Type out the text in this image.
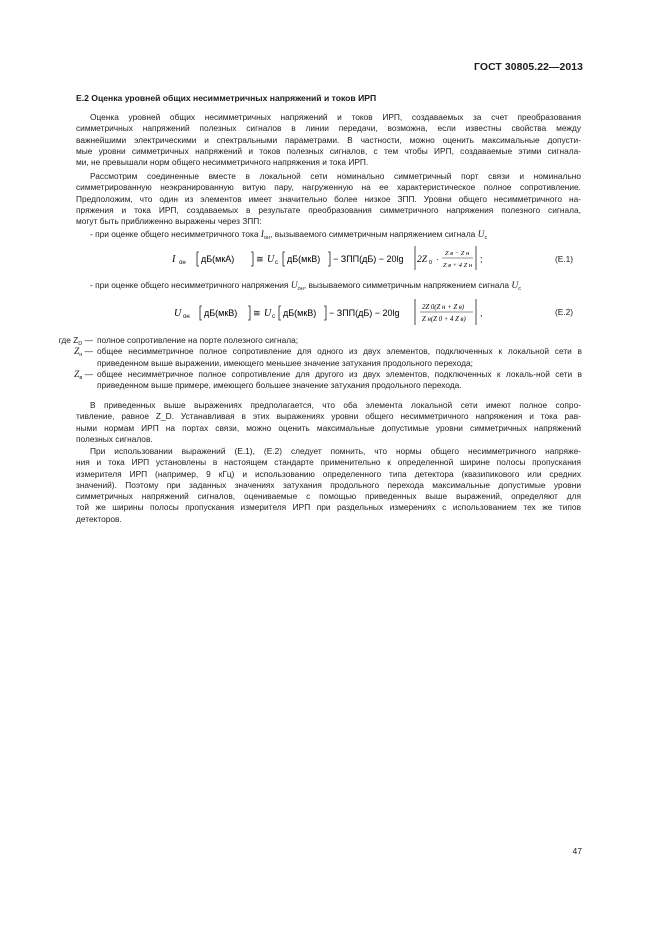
ГОСТ 30805.22—2013
Е.2 Оценка уровней общих несимметричных напряжений и токов ИРП
Оценка уровней общих несимметричных напряжений и токов ИРП, создаваемых за счет преобразования
симметричных напряжений полезных сигналов в линии передачи, возможна, если известны свойства между
важнейшими электрическими и спектральными параметрами. В частности, можно оценить максимальные допусти-
мые уровни симметричных напряжений и токов полезных сигналов, с тем чтобы ИРП, создаваемые этими сигнала-
ми, не превышали норм общего несимметричного напряжения и тока ИРП.
Рассмотрим соединенные вместе в локальной сети номинально симметричный порт связи и номинально
симметрированную неэкранированную витую пару, нагруженную на ее характеристическое полное сопротивление.
Предположим, что один из элементов имеет значительно более низкое ЗПП. Уровни общего несимметричного на-
пряжения и тока ИРП, создаваемых в результате преобразования симметричного напряжения полезного сигнала,
могут быть приближенно выражены через ЗПП:
- при оценке общего несимметричного тока $I_{он}$, вызываемого симметричным напряжением сигнала $U_c$
I он дБ(мкА) ≅ U c дБ(мкВ) − ЗПП(дБ) − 20lg 2Z 0 ·
Z в − Z н
Z в + 4 Z н
;	(Е.1)
- при оценке общего несимметричного напряжения $U_{он}$, вызываемого симметричным напряжением сигнала $U_c$
U он дБ(мкВ) ≅ U c дБ(мкВ) − ЗПП(дБ) − 20lg
2Z 0(Z н + Z в)
Z н(Z 0 + 4 Z в)
,	(Е.2)
где $Z_D$ — полное сопротивление на порте полезного сигнала;
$Z_н$ — общее несимметричное полное сопротивление для одного из двух элементов, подключенных к локальной сети в приведенном выше выражении, имеющего меньшее значение затухания продольного перехода;
$Z_в$ — общее несимметричное полное сопротивление для другого из двух элементов, подключенных к локаль-ной сети в приведенном выше примере, имеющего большее значение затухания продольного перехода.
В приведенных выше выражениях предполагается, что оба элемента локальной сети имеют полное сопро-
тивление, равное Z_D. Устанавливая в этих выражениях уровни общего несимметричного напряжения и тока рав-
ными нормам ИРП на портах связи, можно оценить максимальные допустимые уровни симметричных напряжений
полезных сигналов.
При использовании выражений (Е.1), (Е.2) следует помнить, что нормы общего несимметричного напряже-
ния и тока ИРП установлены в настоящем стандарте применительно к определенной ширине полосы пропускания
измерителя ИРП (например, 9 кГц) и использованию определенного типа детектора (квазипикового или средних
значений). Поэтому при заданных значениях затухания продольного перехода максимальные допустимые уровни
симметричных напряжений сигналов, оцениваемые с помощью приведенных выше выражений, определяют для
той же ширины полосы пропускания измерителя ИРП при раздельных измерениях с использованием тех же типов
детекторов.
47
